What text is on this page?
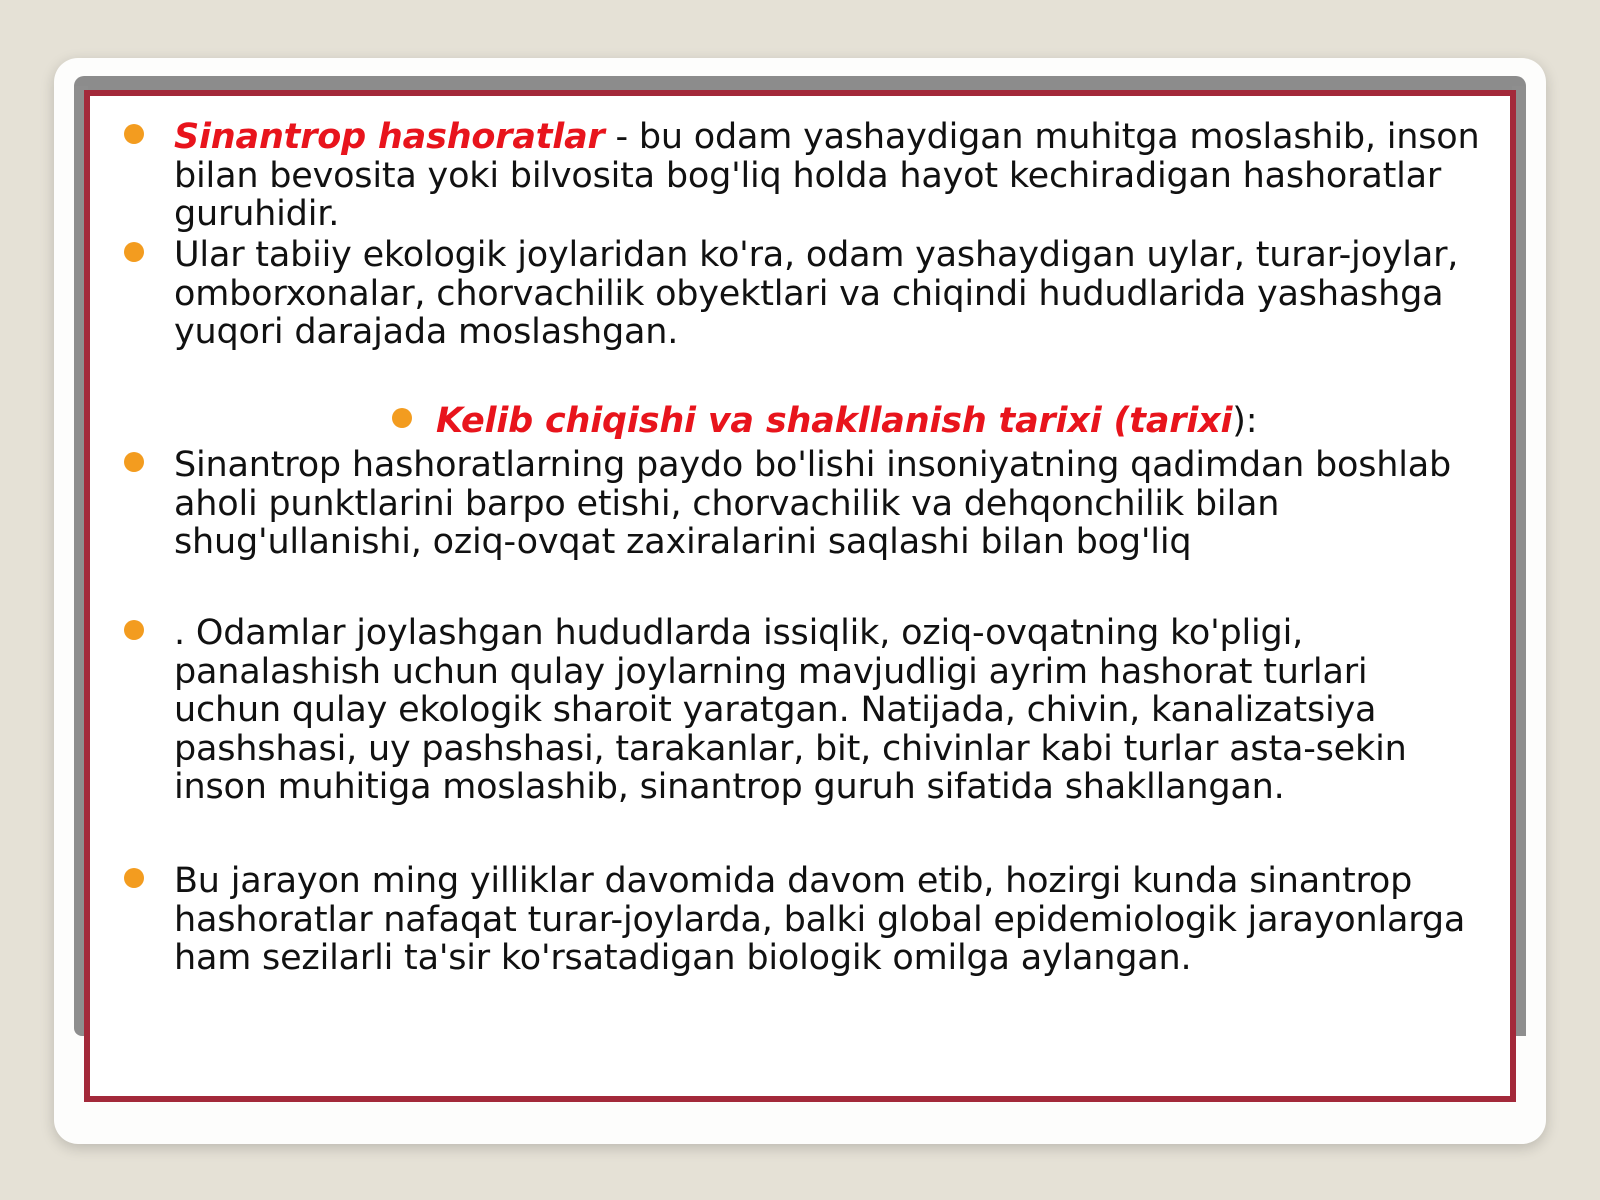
Sinantrop hashoratlar - bu odam yashaydigan muhitga moslashib, inson bilan bevosita yoki bilvosita bog'liq holda hayot kechiradigan hashoratlar guruhidir.
Ular tabiiy ekologik joylaridan ko'ra, odam yashaydigan uylar, turar-joylar, omborxonalar, chorvachilik obyektlari va chiqindi hududlarida yashashga yuqori darajada moslashgan.
Kelib chiqishi va shakllanish tarixi (tarixi):
Sinantrop hashoratlarning paydo bo'lishi insoniyatning qadimdan boshlab aholi punktlarini barpo etishi, chorvachilik va dehqonchilik bilan shug'ullanishi, oziq-ovqat zaxiralarini saqlashi bilan bog'liq
. Odamlar joylashgan hududlarda issiqlik, oziq-ovqatning ko'pligi, panalashish uchun qulay joylarning mavjudligi ayrim hashorat turlari uchun qulay ekologik sharoit yaratgan. Natijada, chivin, kanalizatsiya pashshasi, uy pashshasi, tarakanlar, bit, chivinlar kabi turlar asta-sekin inson muhitiga moslashib, sinantrop guruh sifatida shakllangan.
Bu jarayon ming yilliklar davomida davom etib, hozirgi kunda sinantrop hashoratlar nafaqat turar-joylarda, balki global epidemiologik jarayonlarga ham sezilarli ta'sir ko'rsatadigan biologik omilga aylangan.
